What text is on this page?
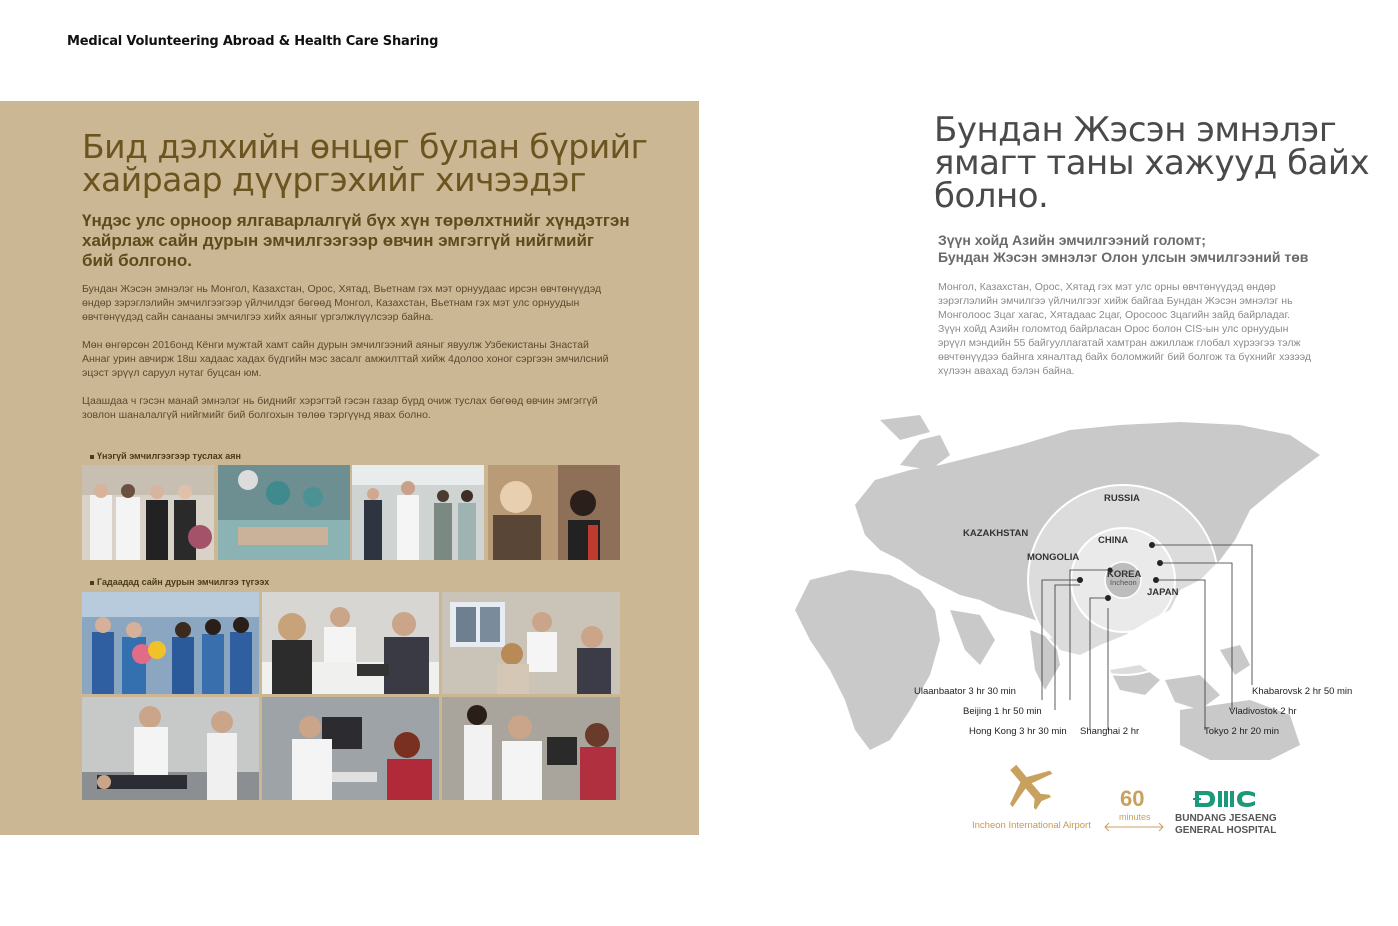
Medical Volunteering Abroad & Health Care Sharing
Бид дэлхийн өнцөг булан бүрийг
хайраар дүүргэхийг хичээдэг
Үндэс улс орноор ялгаварлалгүй бүх хүн төрөлхтнийг хүндэтгэн
хайрлаж сайн дурын эмчилгээгээр өвчин эмгэггүй нийгмийг
бий болгоно.
Бундан Жэсэн эмнэлэг нь Монгол, Казахстан, Орос, Хятад, Вьетнам гэх мэт орнуудаас ирсэн өвчтөнүүдэд
өндөр зэрэглэлийн эмчилгээгээр үйлчилдэг бөгөөд Монгол, Казахстан, Вьетнам гэх мэт улс орнуудын
өвчтөнүүдэд сайн санааны эмчилгээ хийх аяныг үргэлжлүүлсээр байна.
Мөн өнгөрсөн 2016онд Кёнги мужтай хамт сайн дурын эмчилгээний аяныг явуулж Узбекистаны 3настай
Аннаг урин авчирж 18ш хадаас хадах бүдгийн мэс засалг амжилттай хийж 4долоо хоног сэргээн эмчилсний
эцэст эрүүл саруул нутаг буцсан юм.
Цаашдаа ч гэсэн манай эмнэлэг нь биднийг хэрэгтэй гэсэн газар бүрд очиж туслах бөгөөд өвчин эмгэггүй
зовлон шаналалгүй нийгмийг бий болгохын төлөө тэргүүнд явах болно.
Үнэгүй эмчилгээгээр туслах аян
Гадаадад сайн дурын эмчилгээ түгээх
Бундан Жэсэн эмнэлэг
ямагт таны хажууд байх
болно.
Зүүн хойд Азийн эмчилгээний голомт;
Бундан Жэсэн эмнэлэг Олон улсын эмчилгээний төв
Монгол, Казахстан, Орос, Хятад гэх мэт улс орны өвчтөнүүдэд өндөр
зэрэглэлийн эмчилгээ үйлчилгээг хийж байгаа Бундан Жэсэн эмнэлэг нь
Монголоос 3цаг хагас, Хятадаас 2цаг, Оросоос 3цагийн зайд байрладаг.
Зүүн хойд Азийн голомтод байрласан Орос болон CIS-ын улс орнуудын
эрүүл мэндийн 55 байгууллагатай хамтран ажиллаж глобал хүрээгээ тэлж
өвчтөнүүдээ байнга хяналтад байх боломжийг бий болгож та бүхнийг хэзээд
хүлээн авахад бэлэн байна.
RUSSIA
KAZAKHSTAN
MONGOLIA
CHINA
KOREA
Incheon
JAPAN
Ulaanbaator 3 hr 30 min
Beijing 1 hr 50 min
Hong Kong 3 hr 30 min Shanghai 2 hr
Khabarovsk 2 hr 50 min
Vladivostok 2 hr
Tokyo 2 hr 20 min
Incheon International Airport
60
minutes BUNDANG JESAENG
GENERAL HOSPITAL
